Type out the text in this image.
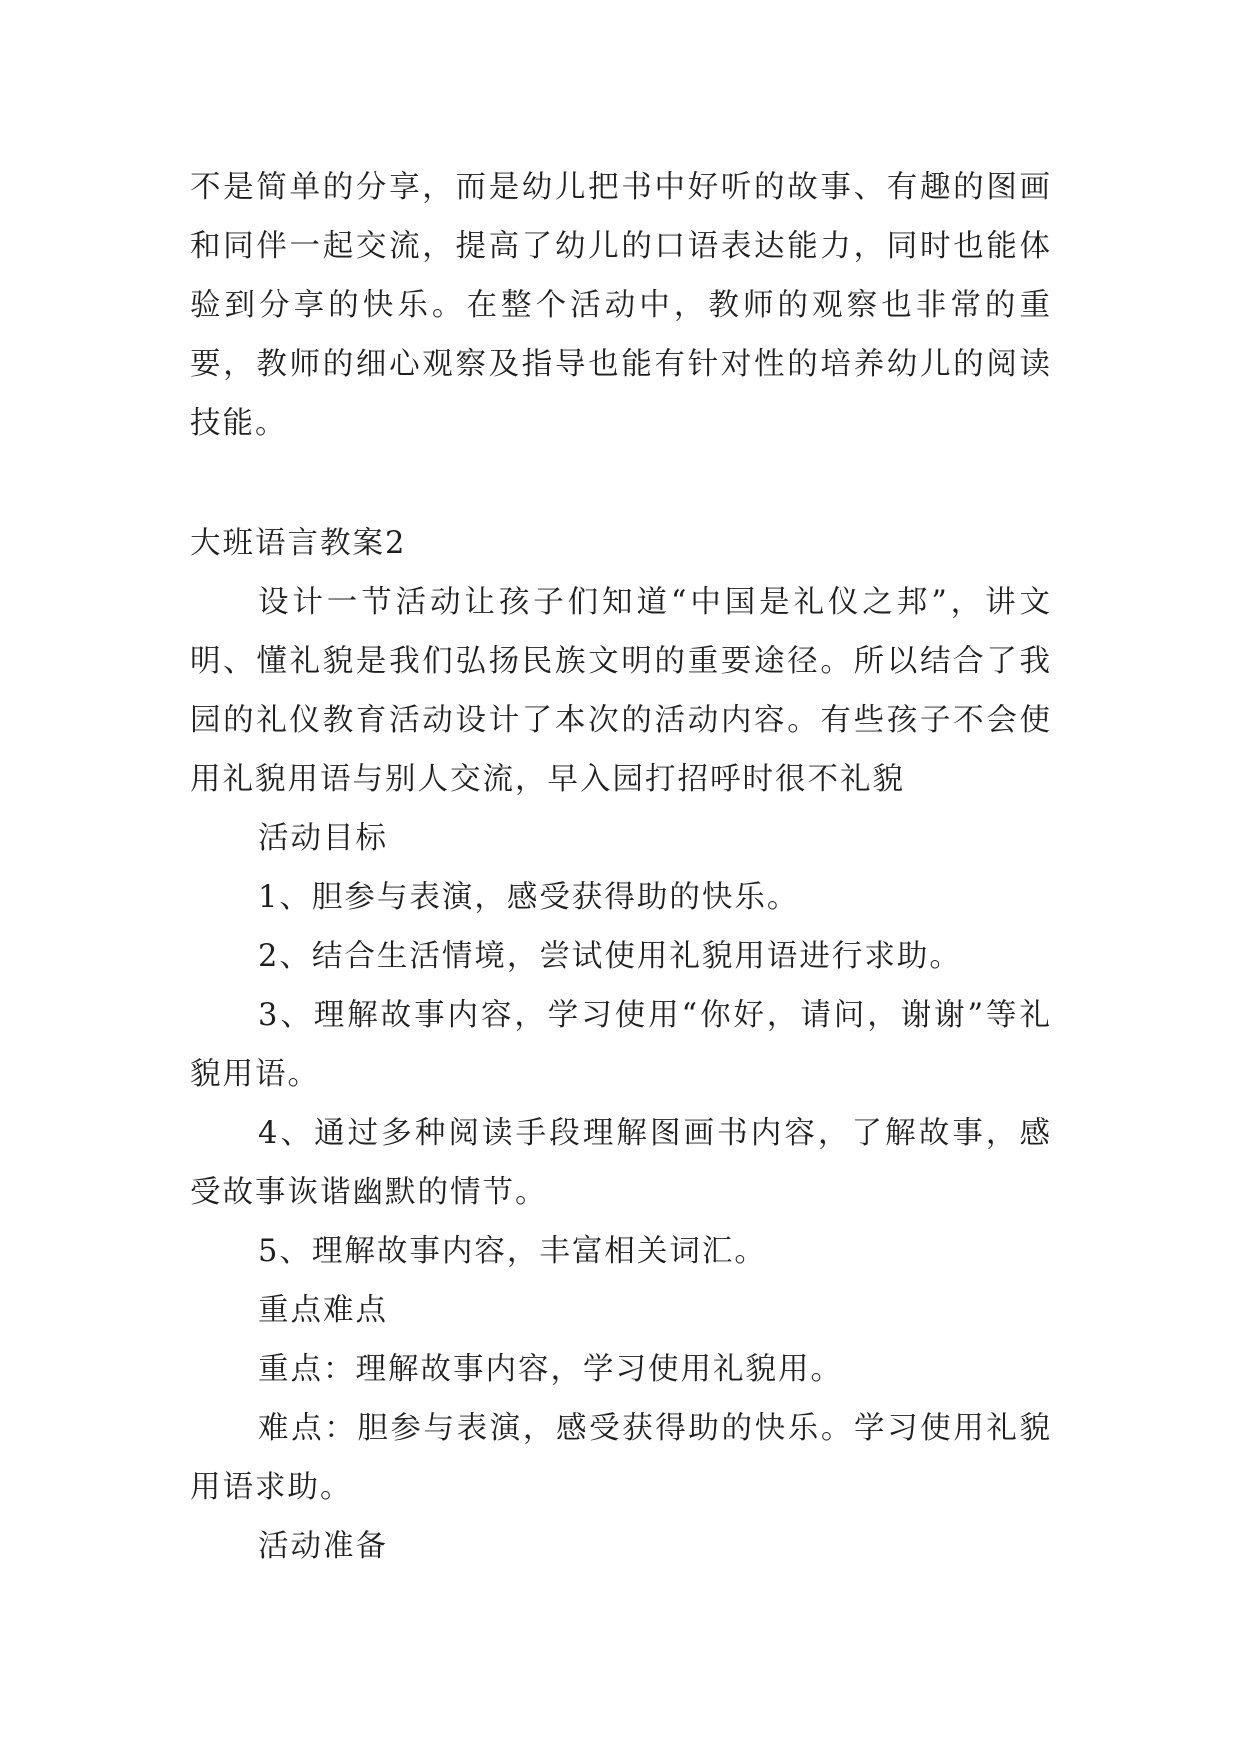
不是简单的分享，而是幼儿把书中好听的故事、有趣的图画和同伴一起交流，提高了幼儿的口语表达能力，同时也能体验到分享的快乐。在整个活动中，教师的观察也非常的重要，教师的细心观察及指导也能有针对性的培养幼儿的阅读技能。

大班语言教案2

设计一节活动让孩子们知道“中国是礼仪之邦”，讲文明、懂礼貌是我们弘扬民族文明的重要途径。所以结合了我园的礼仪教育活动设计了本次的活动内容。有些孩子不会使用礼貌用语与别人交流，早入园打招呼时很不礼貌

活动目标

1、胆参与表演，感受获得助的快乐。

2、结合生活情境，尝试使用礼貌用语进行求助。

3、理解故事内容，学习使用“你好，请问，谢谢”等礼貌用语。

4、通过多种阅读手段理解图画书内容，了解故事，感受故事诙谐幽默的情节。

5、理解故事内容，丰富相关词汇。

重点难点

重点：理解故事内容，学习使用礼貌用。

难点：胆参与表演，感受获得助的快乐。学习使用礼貌用语求助。

活动准备
